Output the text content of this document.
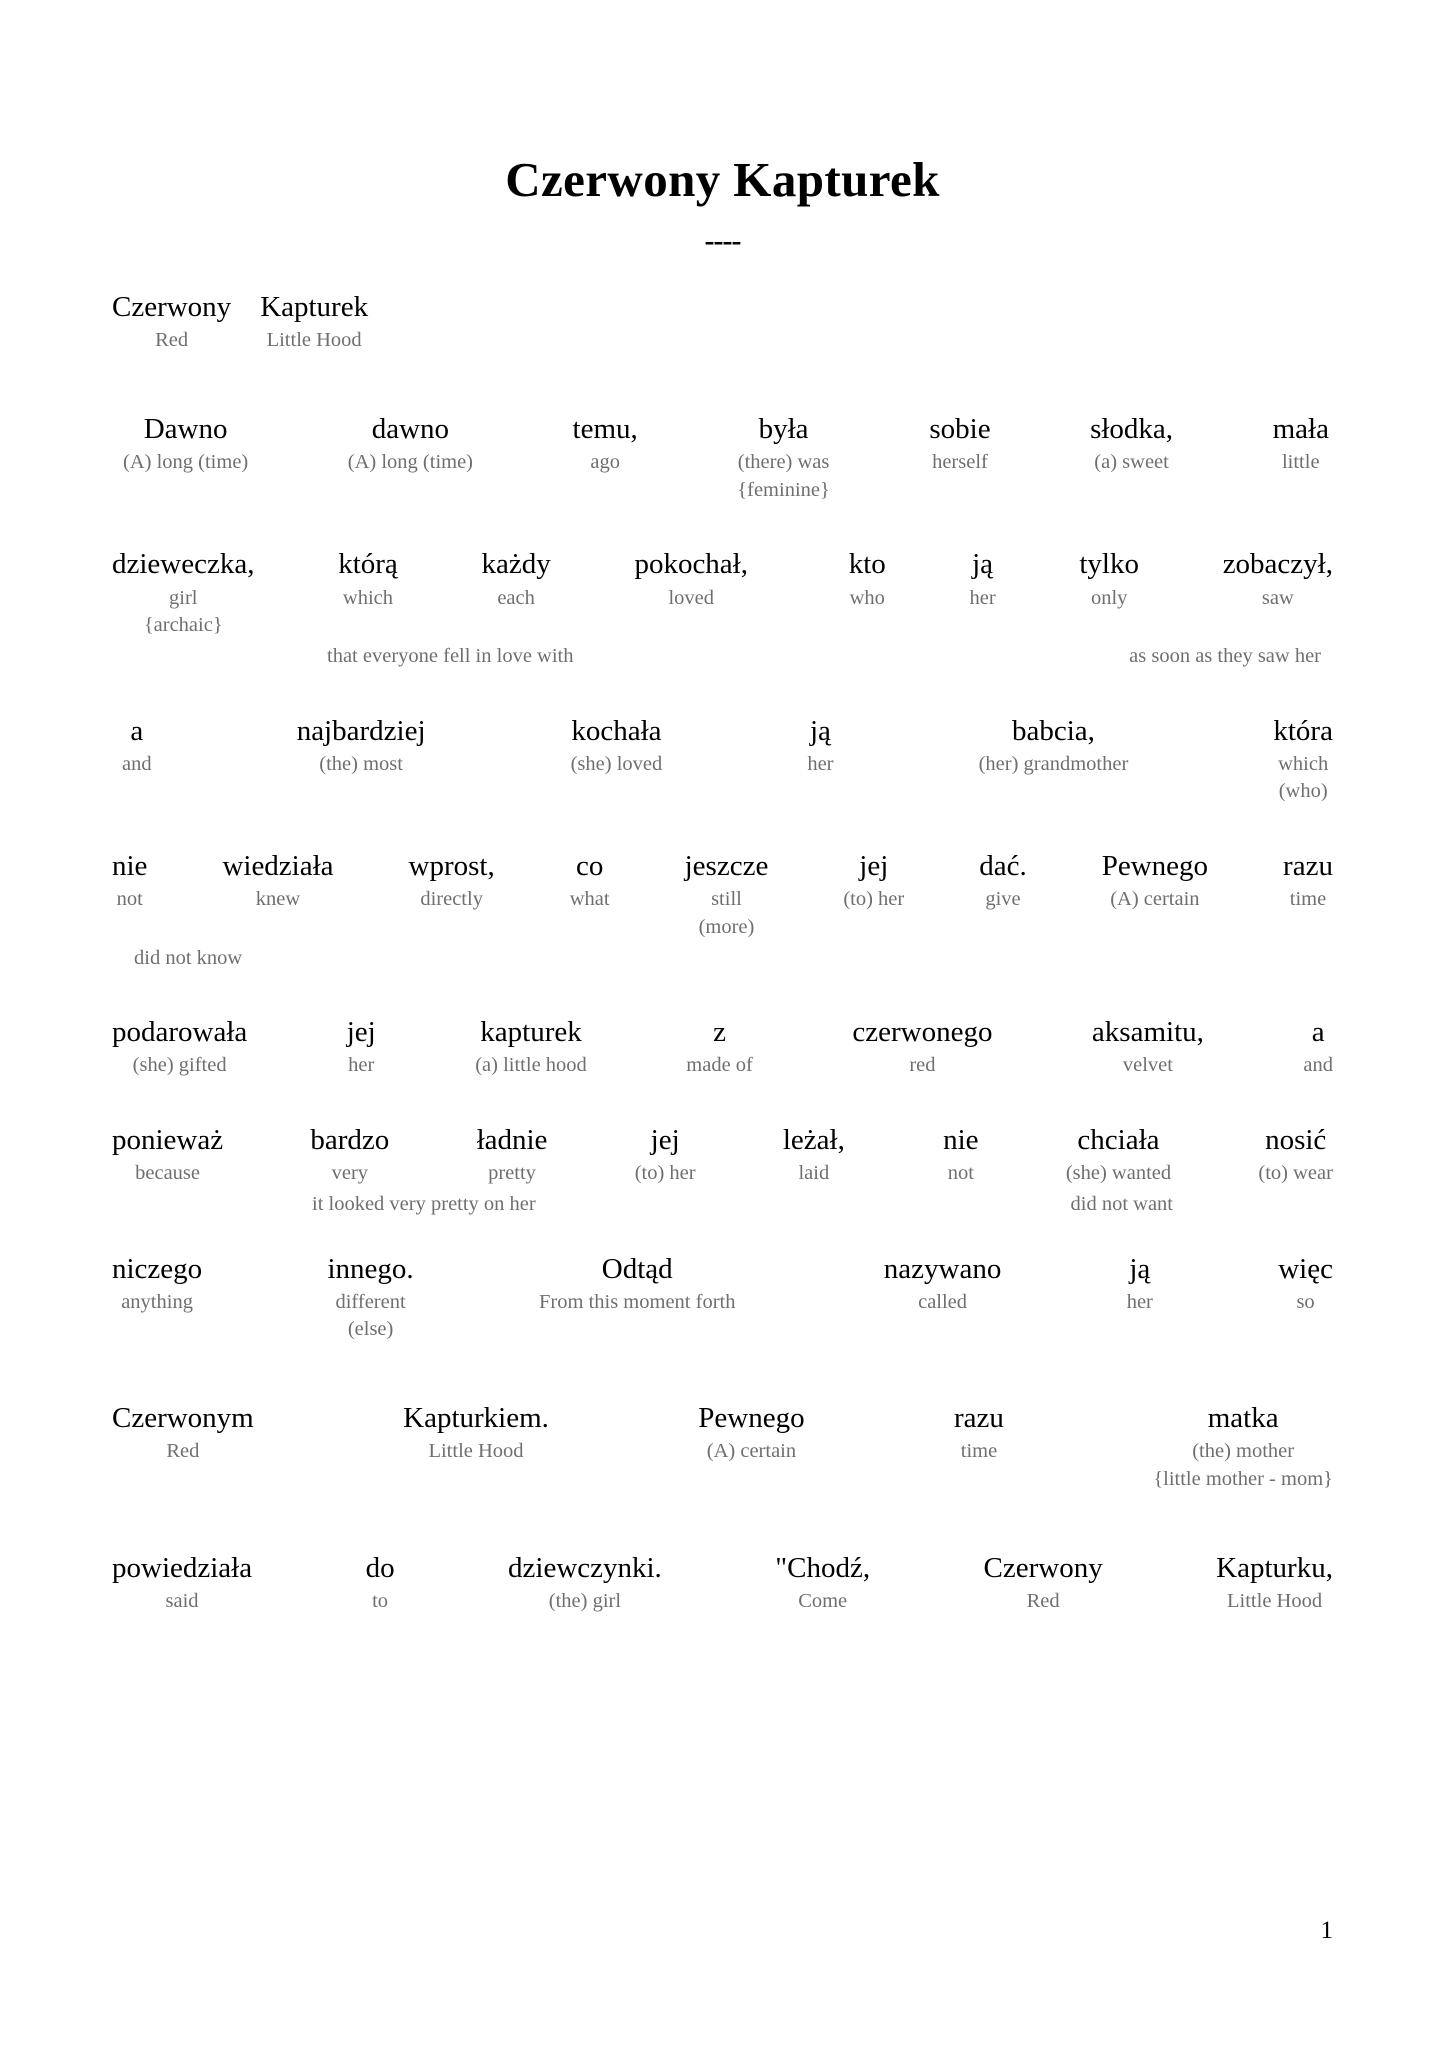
Czerwony Kapturek
----
Czerwony
Red
Kapturek
Little Hood
Dawno
(A) long (time)
dawno
(A) long (time)
temu,
ago
była
(there) was
{feminine}
sobie
herself
słodka,
(a) sweet
mała
little
dzieweczka,
girl
{archaic}
którą
which
każdy
each
pokochał,
loved
kto
who
ją
her
tylko
only
zobaczył,
saw
that everyone fell in love with	as soon as they saw her
a
and
najbardziej
(the) most
kochała
(she) loved
ją
her
babcia,
(her) grandmother
która
which
(who)
nie
not
wiedziała
knew
wprost,
directly
co
what
jeszcze
still
(more)
jej
(to) her
dać.
give
Pewnego
(A) certain
razu
time
did not know
podarowała
(she) gifted
jej
her
kapturek
(a) little hood
z
made of
czerwonego
red
aksamitu,
velvet
a
and
ponieważ
because
bardzo
very
ładnie
pretty
jej
(to) her
leżał,
laid
nie
not
chciała
(she) wanted
nosić
(to) wear
it looked very pretty on her	did not want
niczego
anything
innego.
different
(else)
Odtąd
From this moment forth
nazywano
called
ją
her
więc
so
Czerwonym
Red
Kapturkiem.
Little Hood
Pewnego
(A) certain
razu
time
matka
(the) mother
{little mother - mom}
powiedziała
said
do
to
dziewczynki.
(the) girl
"Chodź,
Come
Czerwony
Red
Kapturku,
Little Hood
1
